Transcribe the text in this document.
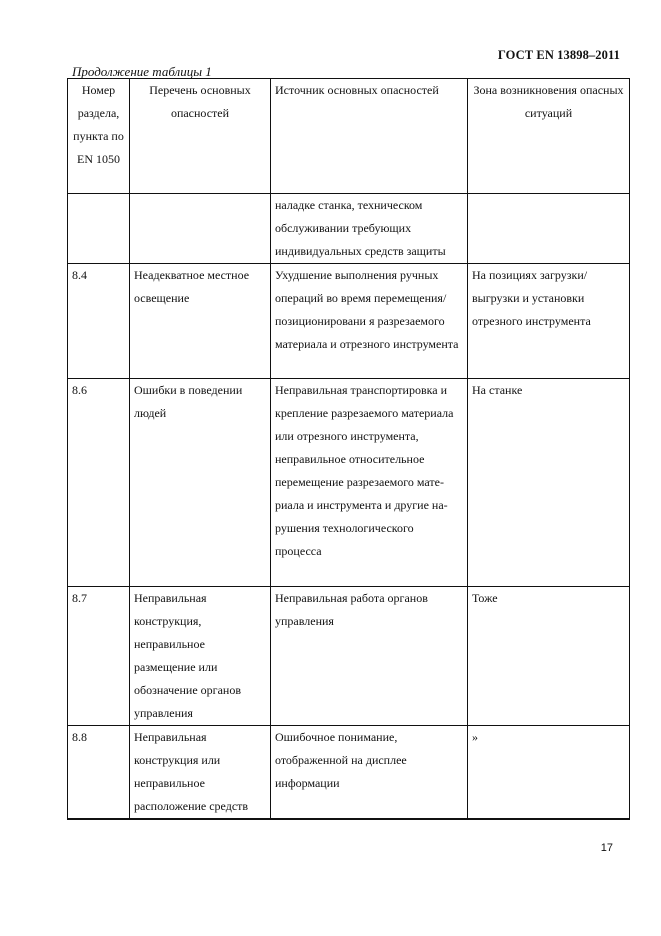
ГОСТ EN 13898–2011
Продолжение таблицы 1
Номер раздела, пункта по EN 1050	Перечень основных опасностей	Источник основных опасностей	Зона возникновения опасных ситуаций
		наладке станка, техническом обслуживании требующих индивидуальных средств защиты	
8.4	Неадекватное местное освещение	Ухудшение выполнения ручных операций во время перемещения/позиционировани я разрезаемого материала и отрезного инструмента	На позициях загрузки/выгрузки и установки отрезного инструмента
8.6	Ошибки в поведении людей	Неправильная транспортировка и крепление разрезаемого материала или отрезного инструмента, неправильное относительное перемещение разрезаемого мате- риала и инструмента и другие на- рушения технологического процесса	На станке
8.7	Неправильная конструкция, неправильное размещение или обозначение органов управления	Неправильная работа органов управления	Тоже
8.8	Неправильная конструкция или неправильное расположение средств	Ошибочное понимание, отображенной на дисплее информации	»
17
